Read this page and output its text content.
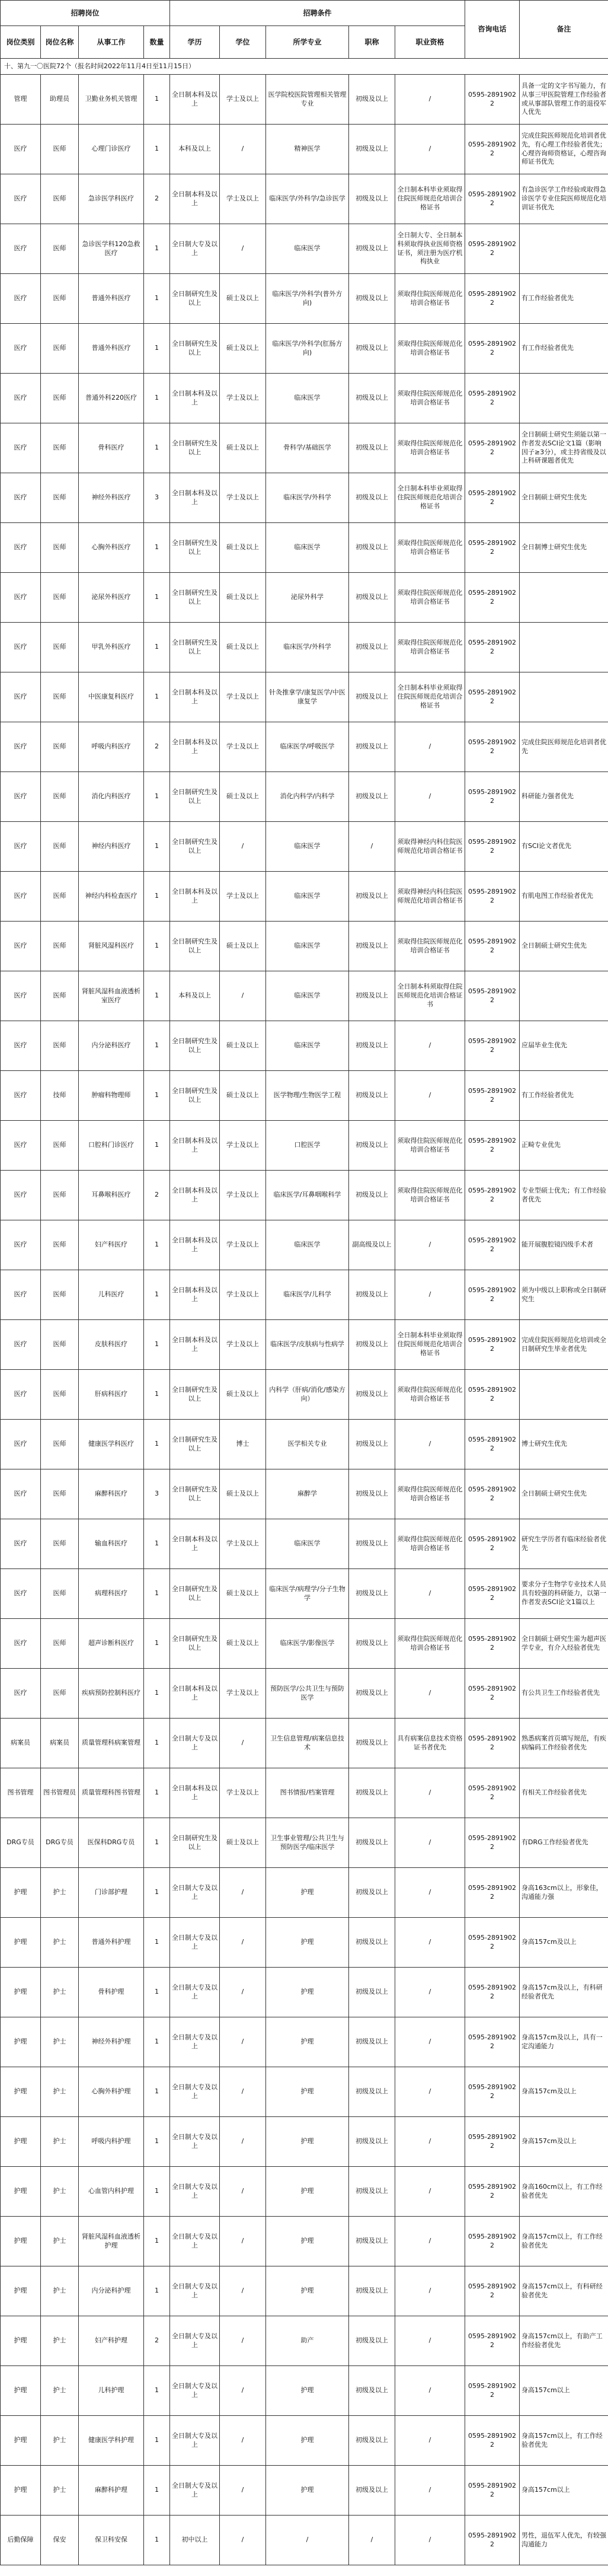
招聘岗位				招聘条件					咨询电话	备注
岗位类别	岗位名称	从事工作	数量	学历	学位	所学专业	职称	职业资格		
十、第九一〇医院72个（报名时间2022年11月4日至11月15日）										
管理	助理员	卫勤业务机关管理	1	全日制本科及以上	学士及以上	医学院校医院管理相关管理专业	初级及以上	/	0595-28919022	具备一定的文字书写能力，有从事三甲医院管理工作经验者或从事部队管理工作的退役军人优先
医疗	医师	心理门诊医疗	1	本科及以上	/	精神医学	初级及以上	/	0595-28919022	完成住院医师规范化培训者优先，有心理工作经验者优先；心理咨询师资格证，心理咨询师证书优先
医疗	医师	急诊医学科医疗	2	全日制本科及以上	学士及以上	临床医学/外科学/急诊医学	初级及以上	全日制本科毕业须取得住院医师规范化培训合格证书	0595-28919022	有急诊医学工作经验或取得急诊医学专业住院医师规范化培训证书优先
医疗	医师	急诊医学科120急救医疗	1	全日制大专及以上	/	临床医学	初级及以上	全日制大专、全日制本科须取得执业医师资格证书，须注册为医疗机构执业	0595-28919022	
医疗	医师	普通外科医疗	1	全日制研究生及以上	硕士及以上	临床医学/外科学(普外方向)	初级及以上	须取得住院医师规范化培训合格证书	0595-28919022	有工作经验者优先
医疗	医师	普通外科医疗	1	全日制研究生及以上	硕士及以上	临床医学/外科学(肛肠方向)	初级及以上	须取得住院医师规范化培训合格证书	0595-28919022	有工作经验者优先
医疗	医师	普通外科220医疗	1	全日制本科及以上	学士及以上	临床医学	初级及以上	须取得住院医师规范化培训合格证书	0595-28919022	
医疗	医师	骨科医疗	1	全日制研究生及以上	硕士及以上	骨科学/基础医学	初级及以上	须取得住院医师规范化培训合格证书	0595-28919022	全日制硕士研究生须能以第一作者发表SCI论文1篇（影响因子≥3分），或主持省级及以上科研课题者优先
医疗	医师	神经外科医疗	3	全日制本科及以上	学士及以上	临床医学/外科学	初级及以上	全日制本科毕业须取得住院医师规范化培训合格证书	0595-28919022	全日制硕士研究生优先
医疗	医师	心胸外科医疗	1	全日制研究生及以上	硕士及以上	临床医学	初级及以上	须取得住院医师规范化培训合格证书	0595-28919022	全日制博士研究生优先
医疗	医师	泌尿外科医疗	1	全日制研究生及以上	硕士及以上	泌尿外科学	初级及以上	须取得住院医师规范化培训合格证书	0595-28919022	
医疗	医师	甲乳外科医疗	1	全日制研究生及以上	硕士及以上	临床医学/外科学	初级及以上	须取得住院医师规范化培训合格证书	0595-28919022	
医疗	医师	中医康复科医疗	1	全日制本科及以上	学士及以上	针灸推拿学/康复医学/中医康复学	初级及以上	全日制本科毕业须取得住院医师规范化培训合格证书	0595-28919022	
医疗	医师	呼吸内科医疗	2	全日制本科及以上	学士及以上	临床医学/呼吸医学	初级及以上	/	0595-28919022	完成住院医师规范化培训者优先
医疗	医师	消化内科医疗	1	全日制研究生及以上	硕士及以上	消化内科学/内科学	初级及以上	/	0595-28919022	科研能力强者优先
医疗	医师	神经内科医疗	1	全日制研究生及以上	/	临床医学	/	须取得神经内科住院医师规范化培训合格证书	0595-28919022	有SCI论文者优先
医疗	医师	神经内科检查医疗	1	全日制本科及以上	学士及以上	临床医学	初级及以上	须取得神经内科住院医师规范化培训合格证书	0595-28919022	有肌电图工作经验者优先
医疗	医师	肾脏风湿科医疗	1	全日制研究生及以上	硕士及以上	临床医学	初级及以上	须取得住院医师规范化培训合格证书	0595-28919022	全日制硕士研究生优先
医疗	医师	肾脏风湿科血液透析室医疗	1	本科及以上	/	临床医学	初级及以上	全日制本科须取得住院医师规范化培训合格证书	0595-28919022	
医疗	医师	内分泌科医疗	1	全日制研究生及以上	硕士及以上	临床医学	初级及以上	/	0595-28919022	应届毕业生优先
医疗	技师	肿瘤科物理师	1	全日制研究生及以上	硕士及以上	医学物理/生物医学工程	初级及以上	/	0595-28919022	有工作经验者优先
医疗	医师	口腔科门诊医疗	1	全日制本科及以上	学士及以上	口腔医学	初级及以上	须取得住院医师规范化培训合格证书	0595-28919022	正畸专业优先
医疗	医师	耳鼻喉科医疗	2	全日制本科及以上	学士及以上	临床医学/耳鼻咽喉科学	初级及以上	须取得住院医师规范化培训合格证书	0595-28919022	专业型硕士优先；有工作经验者优先
医疗	医师	妇产科医疗	1	全日制本科及以上	学士及以上	临床医学	副高级及以上	/	0595-28919022	能开展腹腔镜四级手术者
医疗	医师	儿科医疗	1	全日制本科及以上	学士及以上	临床医学/儿科学	初级及以上	/	0595-28919022	须为中级以上职称或全日制研究生
医疗	医师	皮肤科医疗	1	全日制本科及以上	学士及以上	临床医学/皮肤病与性病学	初级及以上	全日制本科毕业须取得住院医师规范化培训合格证书	0595-28919022	完成住院医师规范化培训或全日制研究生毕业者优先
医疗	医师	肝病科医疗	1	全日制研究生及以上	硕士及以上	内科学（肝病/消化/感染方向）	初级及以上	须取得住院医师规范化培训合格证书	0595-28919022	
医疗	医师	健康医学科医疗	1	全日制研究生及以上	博士	医学相关专业	初级及以上	/	0595-28919022	博士研究生优先
医疗	医师	麻醉科医疗	3	全日制研究生及以上	硕士及以上	麻醉学	初级及以上	须取得住院医师规范化培训合格证书	0595-28919022	全日制硕士研究生优先
医疗	医师	输血科医疗	1	全日制本科及以上	学士及以上	临床医学	初级及以上	须取得住院医师规范化培训合格证书	0595-28919022	研究生学历者有临床经验者优先
医疗	医师	病理科医疗	1	全日制研究生及以上	硕士及以上	临床医学/病理学/分子生物学	初级及以上	/	0595-28919022	要求分子生物学专业技术人员具有较强的科研能力，以第一作者发表SCI论文1篇以上
医疗	医师	超声诊断科医疗	1	全日制研究生及以上	硕士及以上	临床医学/影像医学	初级及以上	须取得住院医师规范化培训合格证书	0595-28919022	全日制硕士研究生需为超声医学专业，有介入经验者优先
医疗	医师	疾病预防控制科医疗	1	全日制本科及以上	学士及以上	预防医学/公共卫生与预防医学	初级及以上	/	0595-28919022	有公共卫生工作经验者优先
病案员	病案员	质量管理科病案管理	1	全日制大专及以上	/	卫生信息管理/病案信息技术	初级及以上	具有病案信息技术资格证书者优先	0595-28919022	熟悉病案首页填写规范，有疾病编码工作经验者优先
图书管理	图书管理员	质量管理科图书管理	1	全日制本科及以上	学士及以上	图书情报/档案管理	初级及以上	/	0595-28919022	有相关工作经验者优先
DRG专员	DRG专员	医保科DRG专员	1	全日制研究生及以上	硕士及以上	卫生事业管理/公共卫生与预防医学/临床医学	初级及以上	/	0595-28919022	有DRG工作经验者优先
护理	护士	门诊部护理	1	全日制大专及以上	/	护理	初级及以上	/	0595-28919022	身高163cm以上，形象佳，沟通能力强
护理	护士	普通外科护理	1	全日制大专及以上	/	护理	初级及以上	/	0595-28919022	身高157cm及以上
护理	护士	骨科护理	1	全日制大专及以上	/	护理	初级及以上	/	0595-28919022	身高157cm及以上，有科研经验者优先
护理	护士	神经外科护理	1	全日制大专及以上	/	护理	初级及以上	/	0595-28919022	身高157cm及以上，具有一定沟通能力
护理	护士	心胸外科护理	1	全日制大专及以上	/	护理	初级及以上	/	0595-28919022	身高157cm及以上
护理	护士	呼吸内科护理	1	全日制大专及以上	/	护理	初级及以上	/	0595-28919022	身高157cm及以上
护理	护士	心血管内科护理	1	全日制大专及以上	/	护理	初级及以上	/	0595-28919022	身高160cm以上，有工作经验者优先
护理	护士	肾脏风湿科血液透析护理	1	全日制大专及以上	/	护理	初级及以上	/	0595-28919022	身高157cm以上，有工作经验者优先
护理	护士	内分泌科护理	1	全日制大专及以上	/	护理	初级及以上	/	0595-28919022	身高157cm以上，有科研经验者优先
护理	护士	妇产科护理	2	全日制大专及以上	/	助产	初级及以上	/	0595-28919022	身高157cm以上，有助产工作经验者优先
护理	护士	儿科护理	1	全日制大专及以上	/	护理	初级及以上	/	0595-28919022	身高157cm以上
护理	护士	健康医学科护理	1	全日制大专及以上	/	护理	初级及以上	/	0595-28919022	身高157cm以上，有工作经验者优先
护理	护士	麻醉科护理	1	全日制大专及以上	/	护理	初级及以上	/	0595-28919022	身高157cm以上
后勤保障	保安	保卫科安保	1	初中以上	/	/	/	/	0595-28919022	男性，退伍军人优先，有较强沟通能力
